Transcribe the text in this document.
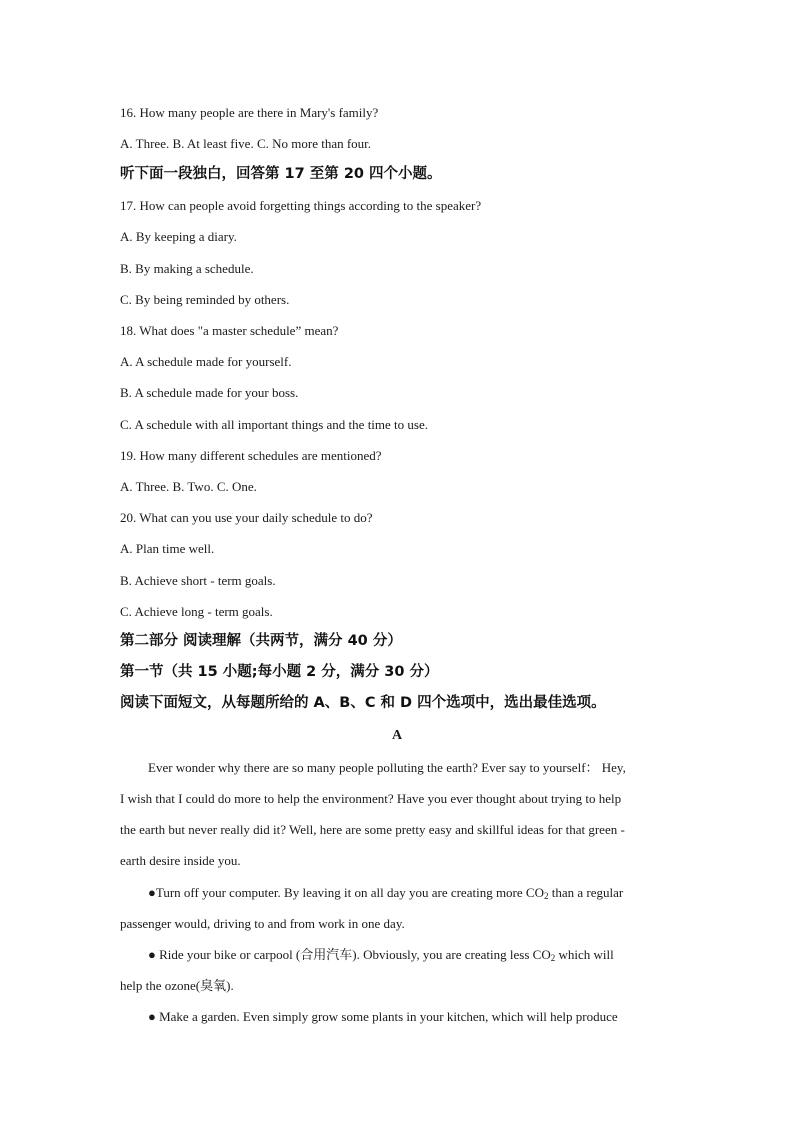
16. How many people are there in Mary's family?
A. Three. B. At least five. C. No more than four.
听下面一段独白，回答第 17 至第 20 四个小题。
17. How can people avoid forgetting things according to the speaker?
A. By keeping a diary.
B. By making a schedule.
C. By being reminded by others.
18. What does "a master schedule” mean?
A. A schedule made for yourself.
B. A schedule made for your boss.
C. A schedule with all important things and the time to use.
19. How many different schedules are mentioned?
A. Three. B. Two. C. One.
20. What can you use your daily schedule to do?
A. Plan time well.
B. Achieve short - term goals.
C. Achieve long - term goals.
第二部分 阅读理解（共两节，满分 40 分）
第一节（共 15 小题;每小题 2 分，满分 30 分）
阅读下面短文，从每题所给的 A、B、C 和 D 四个选项中，选出最佳选项。
A
Ever wonder why there are so many people polluting the earth? Ever say to yourself： Hey,
I wish that I could do more to help the environment? Have you ever thought about trying to help
the earth but never really did it? Well, here are some pretty easy and skillful ideas for that green -
earth desire inside you.
●Turn off your computer. By leaving it on all day you are creating more $CO_2$ than a regular
passenger would, driving to and from work in one day.
● Ride your bike or carpool (合用汽车). Obviously, you are creating less $CO_2$ which will
help the ozone(臭氧).
● Make a garden. Even simply grow some plants in your kitchen, which will help produce
